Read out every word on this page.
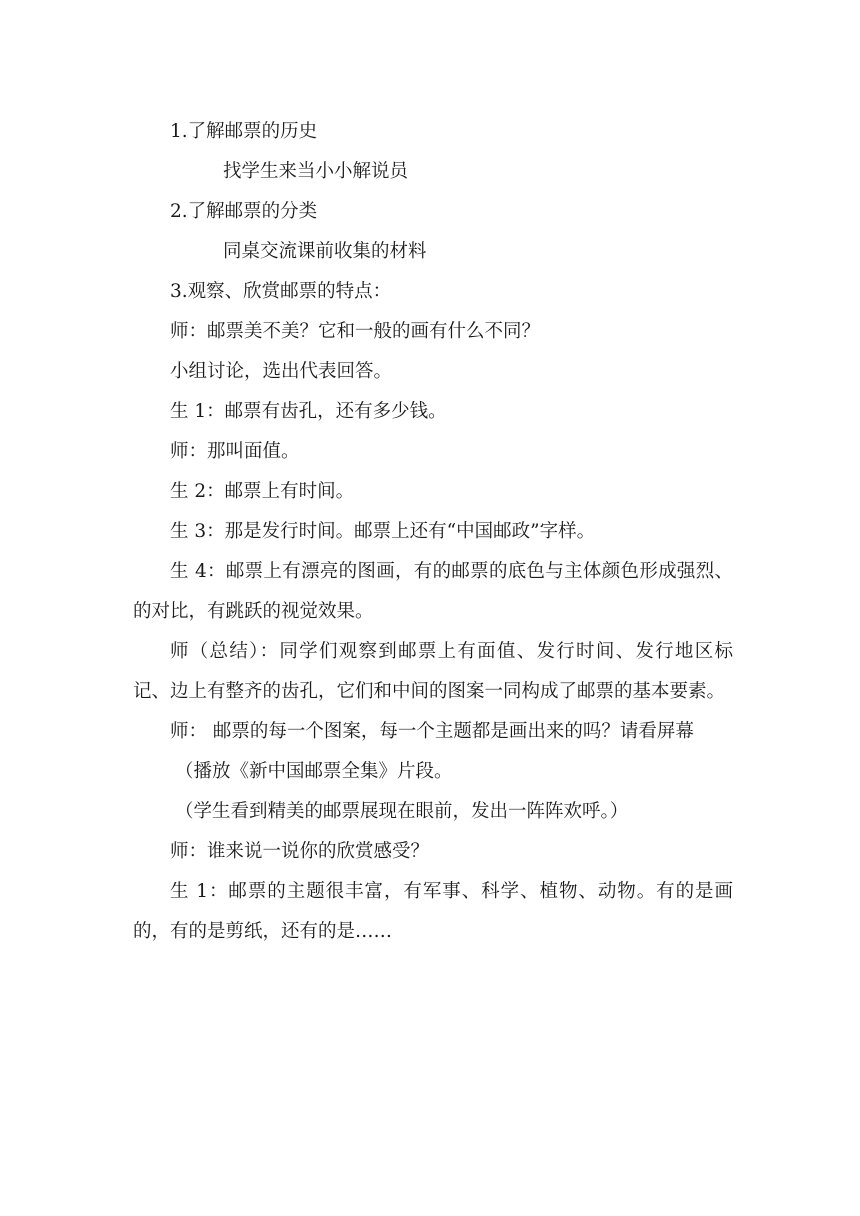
1.了解邮票的历史

找学生来当小小解说员

2.了解邮票的分类

同桌交流课前收集的材料

3.观察、欣赏邮票的特点：

师：邮票美不美？它和一般的画有什么不同？

小组讨论，选出代表回答。

生 1：邮票有齿孔，还有多少钱。

师：那叫面值。

生 2：邮票上有时间。

生 3：那是发行时间。邮票上还有“中国邮政”字样。

生 4：邮票上有漂亮的图画，有的邮票的底色与主体颜色形成强烈、的对比，有跳跃的视觉效果。

师（总结）：同学们观察到邮票上有面值、发行时间、发行地区标记、边上有整齐的齿孔，它们和中间的图案一同构成了邮票的基本要素。

师： 邮票的每一个图案，每一个主题都是画出来的吗？请看屏幕

（播放《新中国邮票全集》片段。

（学生看到精美的邮票展现在眼前，发出一阵阵欢呼。）

师：谁来说一说你的欣赏感受？

生 1：邮票的主题很丰富，有军事、科学、植物、动物。有的是画的，有的是剪纸，还有的是……
